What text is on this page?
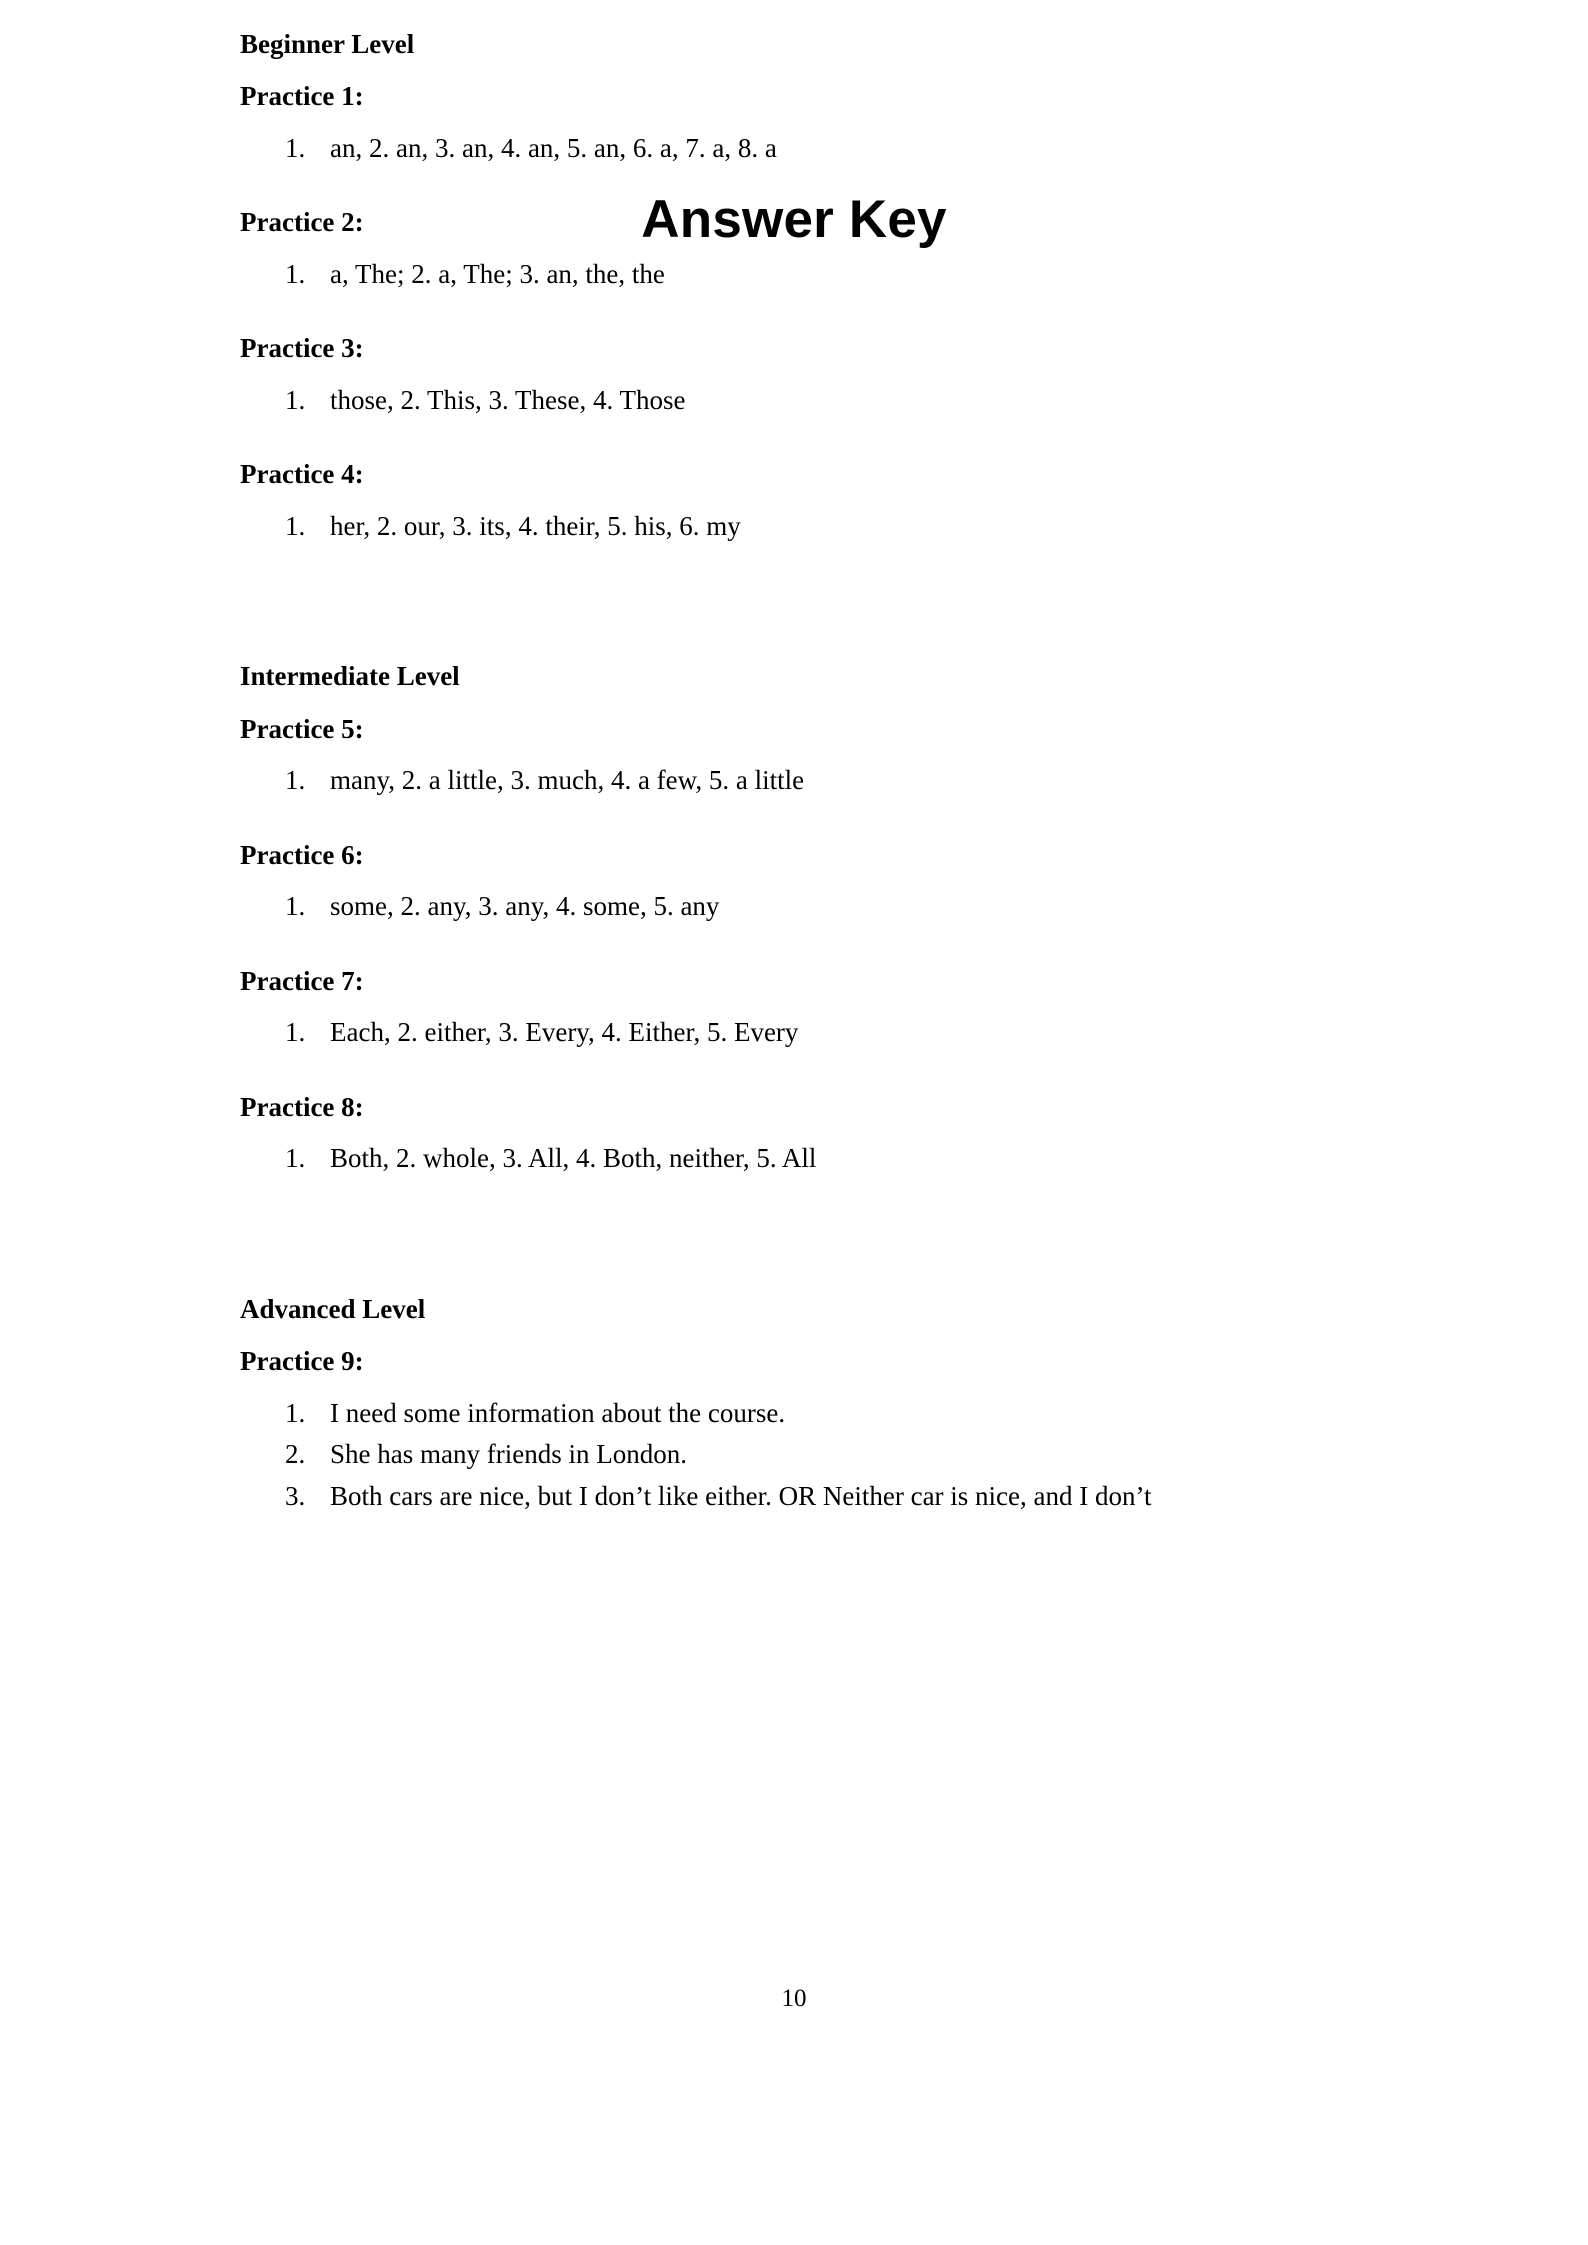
Answer Key
Beginner Level
Practice 1:
1. an, 2. an, 3. an, 4. an, 5. an, 6. a, 7. a, 8. a
Practice 2:
1. a, The; 2. a, The; 3. an, the, the
Practice 3:
1. those, 2. This, 3. These, 4. Those
Practice 4:
1. her, 2. our, 3. its, 4. their, 5. his, 6. my
Intermediate Level
Practice 5:
1. many, 2. a little, 3. much, 4. a few, 5. a little
Practice 6:
1. some, 2. any, 3. any, 4. some, 5. any
Practice 7:
1. Each, 2. either, 3. Every, 4. Either, 5. Every
Practice 8:
1. Both, 2. whole, 3. All, 4. Both, neither, 5. All
Advanced Level
Practice 9:
1. I need some information about the course.
2. She has many friends in London.
3. Both cars are nice, but I don’t like either. OR Neither car is nice, and I don’t
10
